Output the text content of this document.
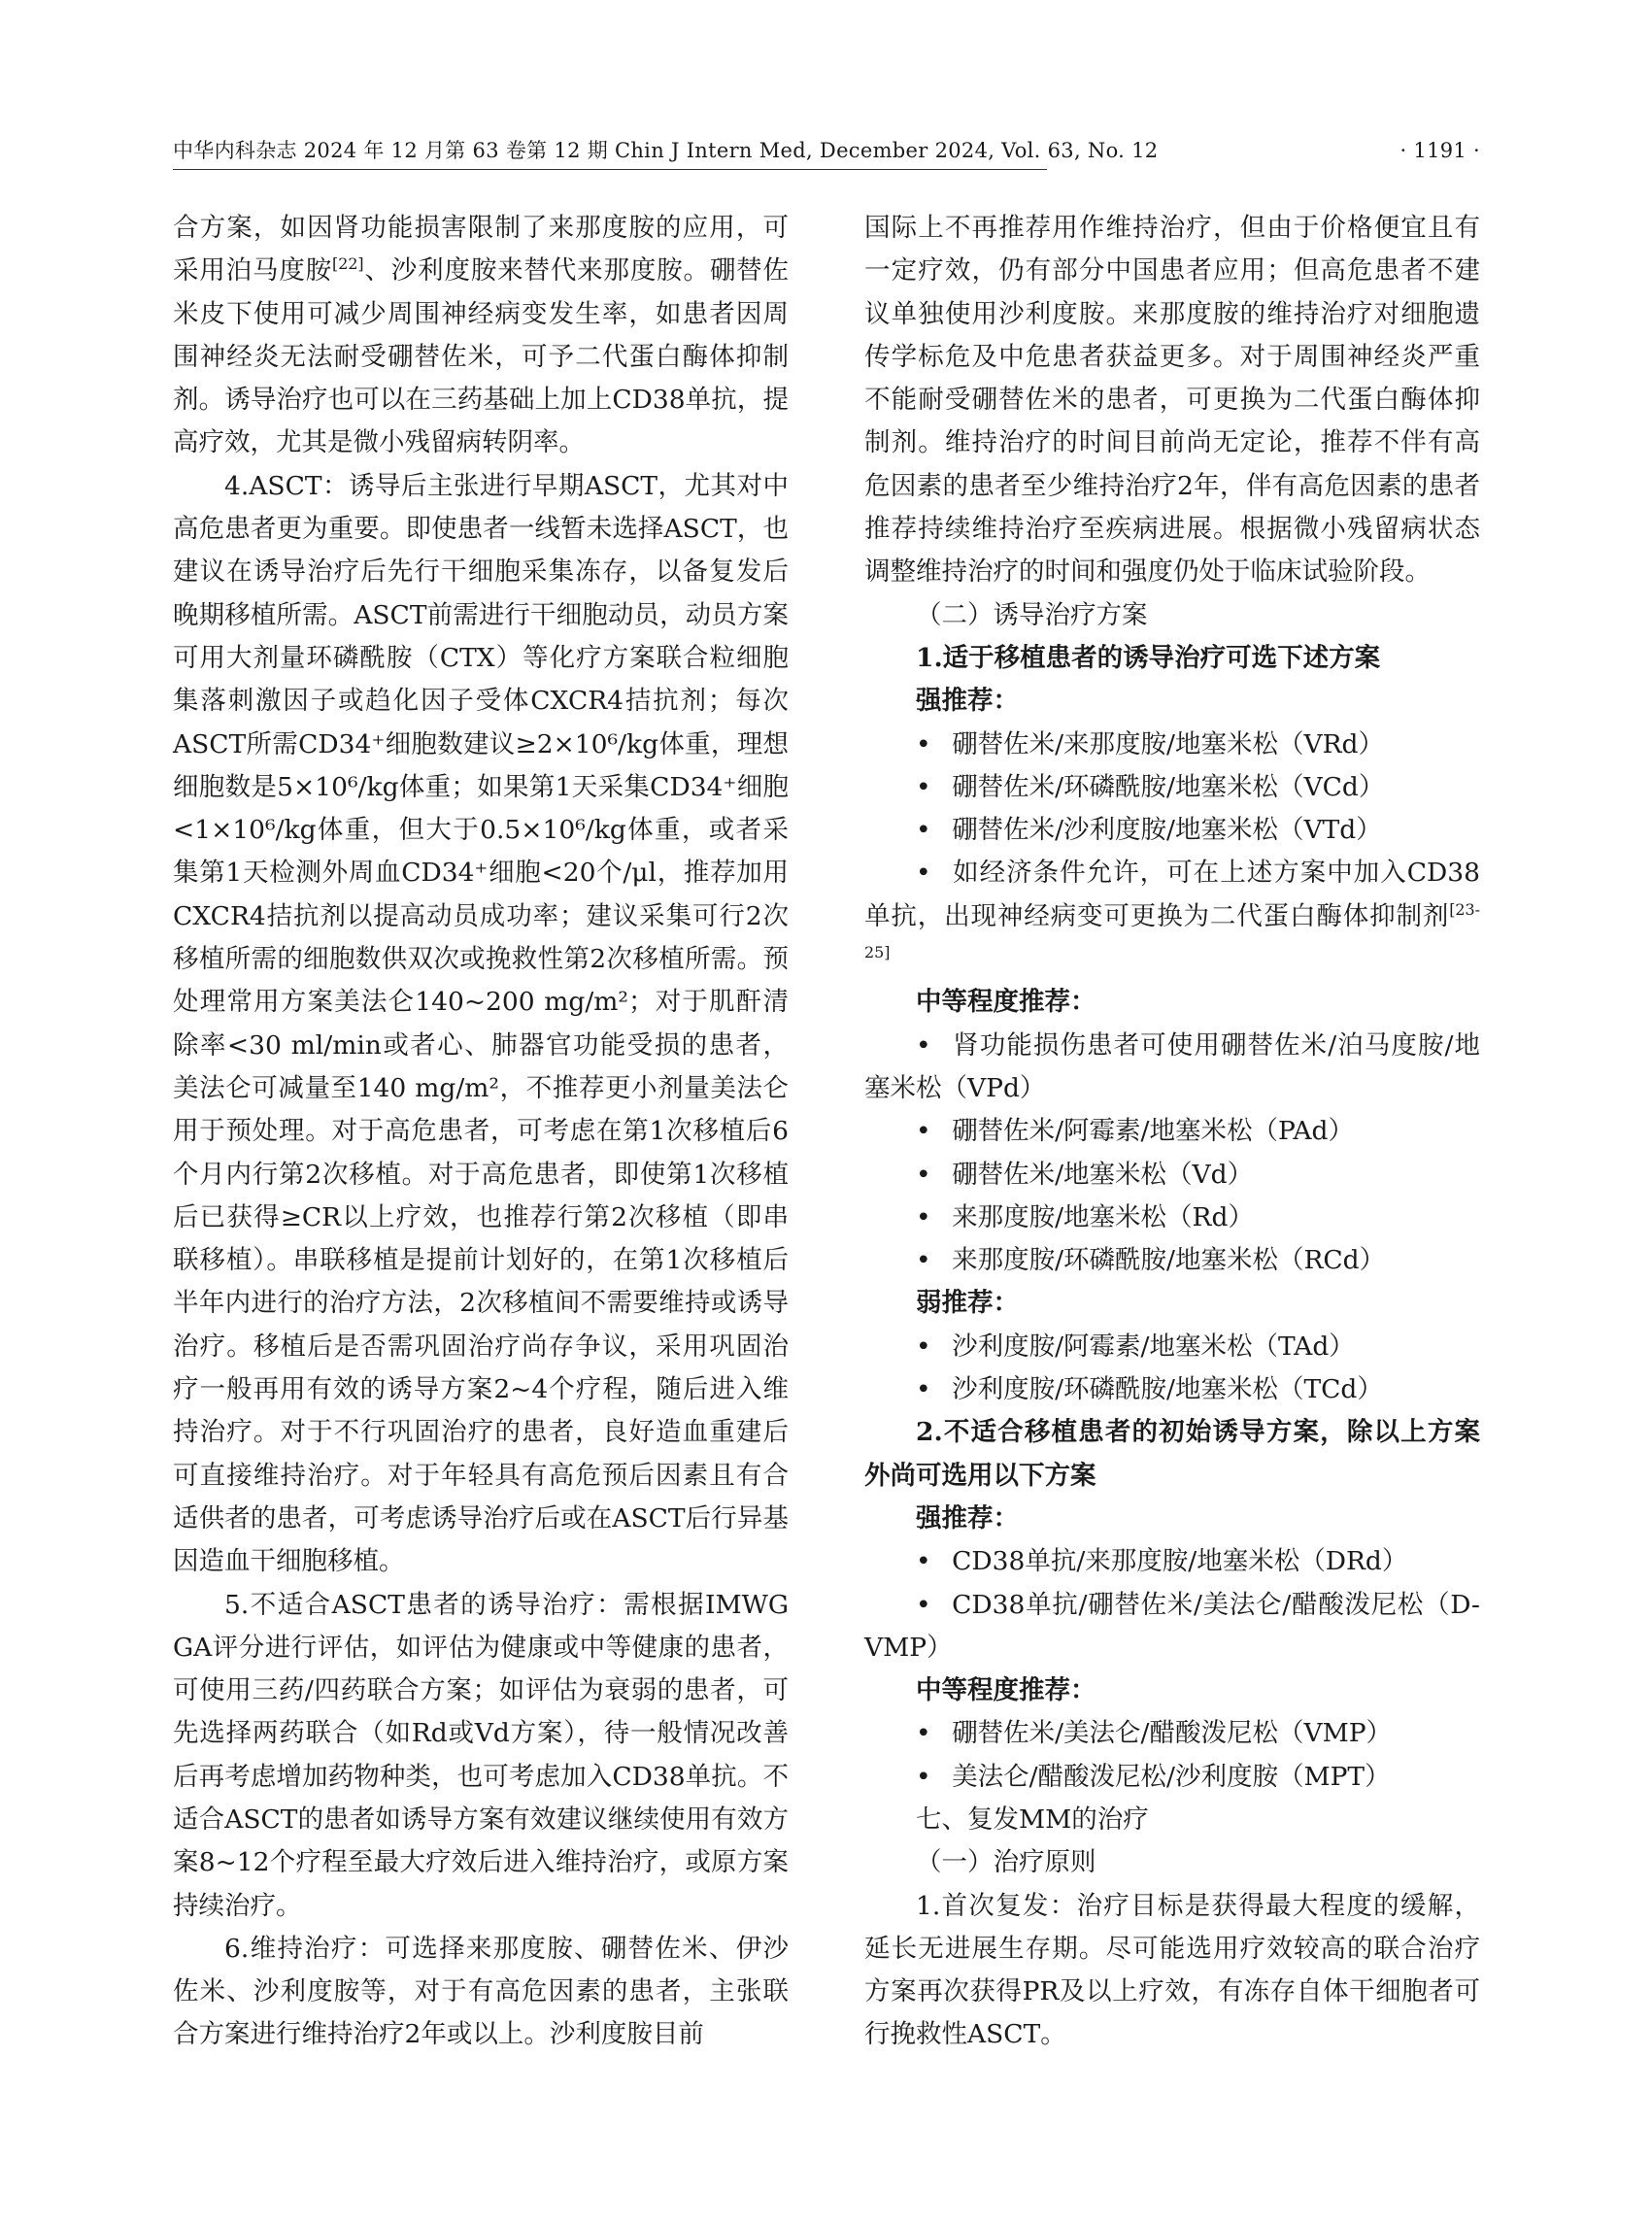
中华内科杂志 2024 年 12 月第 63 卷第 12 期 Chin J Intern Med, December 2024, Vol. 63, No. 12	· 1191 ·

合方案，如因肾功能损害限制了来那度胺的应用，可采用泊马度胺[22]、沙利度胺来替代来那度胺。硼替佐米皮下使用可减少周围神经病变发生率，如患者因周围神经炎无法耐受硼替佐米，可予二代蛋白酶体抑制剂。诱导治疗也可以在三药基础上加上CD38单抗，提高疗效，尤其是微小残留病转阴率。

4.ASCT：诱导后主张进行早期ASCT，尤其对中高危患者更为重要。即使患者一线暂未选择ASCT，也建议在诱导治疗后先行干细胞采集冻存，以备复发后晚期移植所需。ASCT前需进行干细胞动员，动员方案可用大剂量环磷酰胺（CTX）等化疗方案联合粒细胞集落刺激因子或趋化因子受体CXCR4拮抗剂；每次ASCT所需CD34⁺细胞数建议≥2×10⁶/kg体重，理想细胞数是5×10⁶/kg体重；如果第1天采集CD34⁺细胞<1×10⁶/kg体重，但大于0.5×10⁶/kg体重，或者采集第1天检测外周血CD34⁺细胞<20个/μl，推荐加用CXCR4拮抗剂以提高动员成功率；建议采集可行2次移植所需的细胞数供双次或挽救性第2次移植所需。预处理常用方案美法仑140~200 mg/m²；对于肌酐清除率<30 ml/min或者心、肺器官功能受损的患者，美法仑可减量至140 mg/m²，不推荐更小剂量美法仑用于预处理。对于高危患者，可考虑在第1次移植后6个月内行第2次移植。对于高危患者，即使第1次移植后已获得≥CR以上疗效，也推荐行第2次移植（即串联移植）。串联移植是提前计划好的，在第1次移植后半年内进行的治疗方法，2次移植间不需要维持或诱导治疗。移植后是否需巩固治疗尚存争议，采用巩固治疗一般再用有效的诱导方案2~4个疗程，随后进入维持治疗。对于不行巩固治疗的患者，良好造血重建后可直接维持治疗。对于年轻具有高危预后因素且有合适供者的患者，可考虑诱导治疗后或在ASCT后行异基因造血干细胞移植。

5.不适合ASCT患者的诱导治疗：需根据IMWG GA评分进行评估，如评估为健康或中等健康的患者，可使用三药/四药联合方案；如评估为衰弱的患者，可先选择两药联合（如Rd或Vd方案），待一般情况改善后再考虑增加药物种类，也可考虑加入CD38单抗。不适合ASCT的患者如诱导方案有效建议继续使用有效方案8~12个疗程至最大疗效后进入维持治疗，或原方案持续治疗。

6.维持治疗：可选择来那度胺、硼替佐米、伊沙佐米、沙利度胺等，对于有高危因素的患者，主张联合方案进行维持治疗2年或以上。沙利度胺目前

国际上不再推荐用作维持治疗，但由于价格便宜且有一定疗效，仍有部分中国患者应用；但高危患者不建议单独使用沙利度胺。来那度胺的维持治疗对细胞遗传学标危及中危患者获益更多。对于周围神经炎严重不能耐受硼替佐米的患者，可更换为二代蛋白酶体抑制剂。维持治疗的时间目前尚无定论，推荐不伴有高危因素的患者至少维持治疗2年，伴有高危因素的患者推荐持续维持治疗至疾病进展。根据微小残留病状态调整维持治疗的时间和强度仍处于临床试验阶段。

（二）诱导治疗方案

1.适于移植患者的诱导治疗可选下述方案

强推荐：

• 硼替佐米/来那度胺/地塞米松（VRd）

• 硼替佐米/环磷酰胺/地塞米松（VCd）

• 硼替佐米/沙利度胺/地塞米松（VTd）

• 如经济条件允许，可在上述方案中加入CD38单抗，出现神经病变可更换为二代蛋白酶体抑制剂[23-25]

中等程度推荐：

• 肾功能损伤患者可使用硼替佐米/泊马度胺/地塞米松（VPd）

• 硼替佐米/阿霉素/地塞米松（PAd）

• 硼替佐米/地塞米松（Vd）

• 来那度胺/地塞米松（Rd）

• 来那度胺/环磷酰胺/地塞米松（RCd）

弱推荐：

• 沙利度胺/阿霉素/地塞米松（TAd）

• 沙利度胺/环磷酰胺/地塞米松（TCd）

2.不适合移植患者的初始诱导方案，除以上方案外尚可选用以下方案

强推荐：

• CD38单抗/来那度胺/地塞米松（DRd）

• CD38单抗/硼替佐米/美法仑/醋酸泼尼松（D-VMP）

中等程度推荐：

• 硼替佐米/美法仑/醋酸泼尼松（VMP）

• 美法仑/醋酸泼尼松/沙利度胺（MPT）

七、复发MM的治疗

（一）治疗原则

1.首次复发：治疗目标是获得最大程度的缓解，延长无进展生存期。尽可能选用疗效较高的联合治疗方案再次获得PR及以上疗效，有冻存自体干细胞者可行挽救性ASCT。
